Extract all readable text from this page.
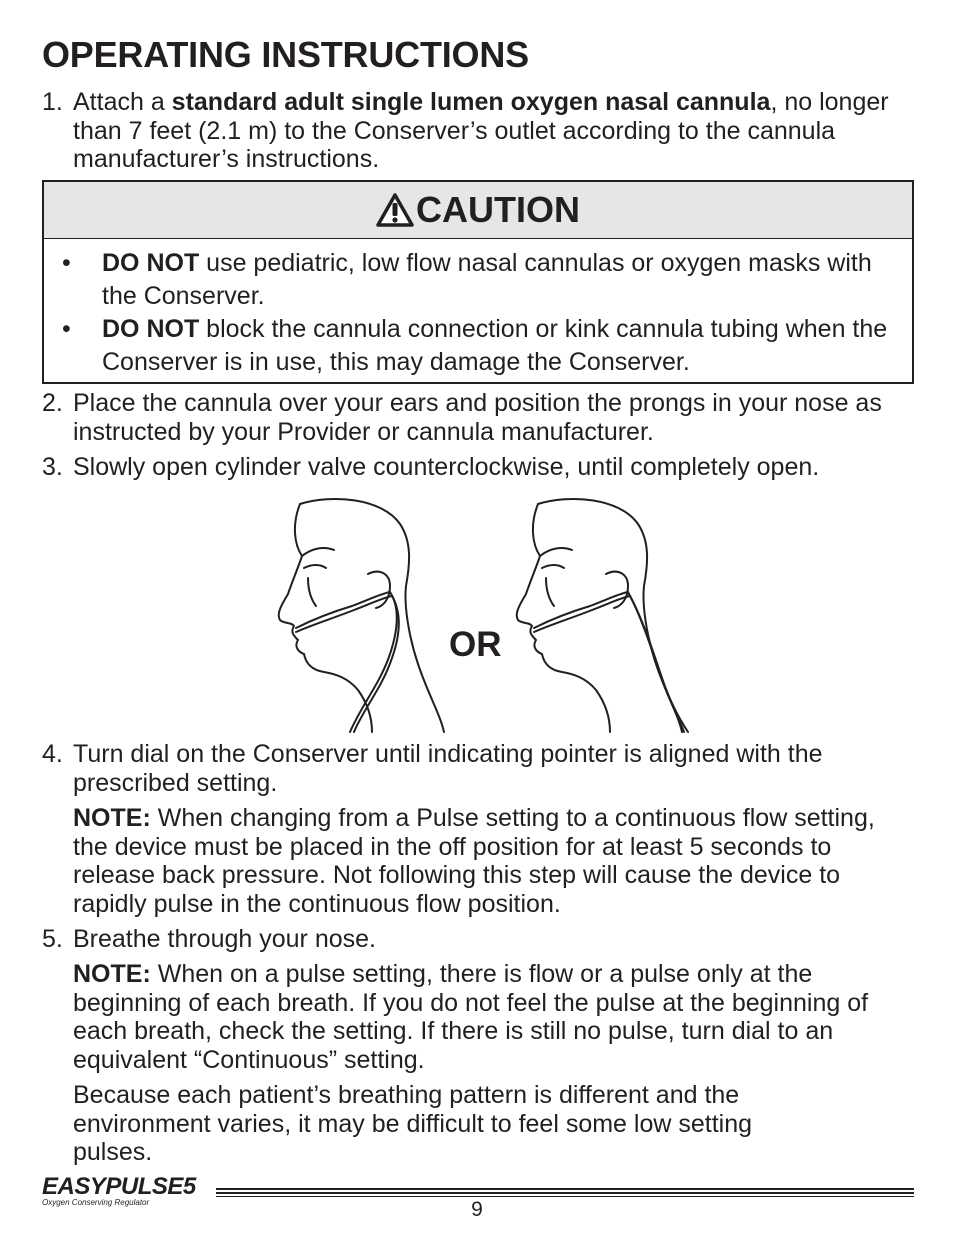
OPERATING INSTRUCTIONS
1. Attach a standard adult single lumen oxygen nasal cannula, no longer than 7 feet (2.1 m) to the Conserver’s outlet according to the cannula manufacturer’s instructions.
CAUTION
• DO NOT use pediatric, low flow nasal cannulas or oxygen masks with the Conserver.
• DO NOT block the cannula connection or kink cannula tubing when the Conserver is in use, this may damage the Conserver.
2. Place the cannula over your ears and position the prongs in your nose as instructed by your Provider or cannula manufacturer.
3. Slowly open cylinder valve counterclockwise, until completely open.
OR
4. Turn dial on the Conserver until indicating pointer is aligned with the prescribed setting.
NOTE: When changing from a Pulse setting to a continuous flow setting, the device must be placed in the off position for at least 5 seconds to release back pressure. Not following this step will cause the device to rapidly pulse in the continuous flow position.
5. Breathe through your nose.
NOTE: When on a pulse setting, there is flow or a pulse only at the beginning of each breath. If you do not feel the pulse at the beginning of each breath, check the setting. If there is still no pulse, turn dial to an equivalent “Continuous” setting.
Because each patient’s breathing pattern is different and the environment varies, it may be difficult to feel some low setting pulses.
EASYPULSE5
Oxygen Conserving Regulator	9
